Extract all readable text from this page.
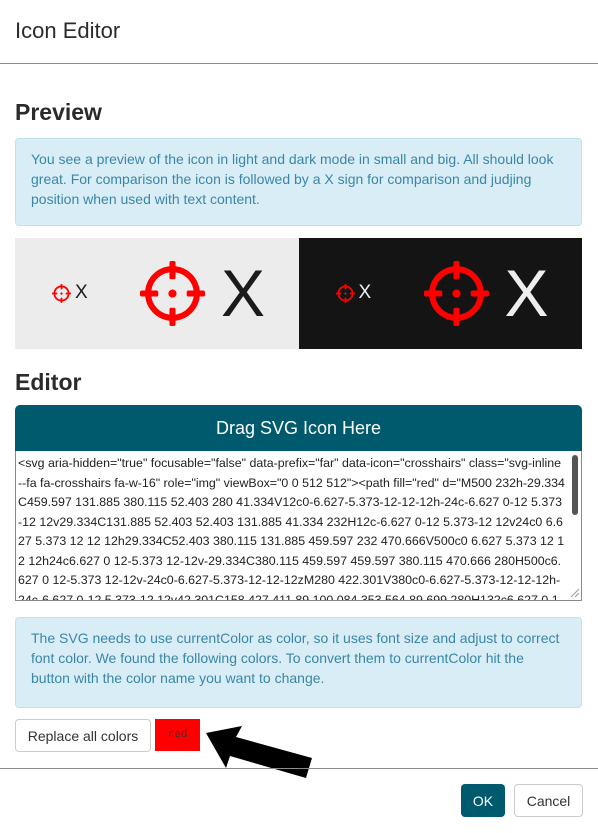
Icon Editor
Preview
You see a preview of the icon in light and dark mode in small and big. All should look great. For comparison the icon is followed by a X sign for comparison and judjing position when used with text content.
X X	X X
Editor
Drag SVG Icon Here
<svg aria-hidden="true" focusable="false" data-prefix="far" data-icon="crosshairs" class="svg-inline--fa fa-crosshairs fa-w-16" role="img" viewBox="0 0 512 512"><path fill="red" d="M500 232h-29.334C459.597 131.885 380.115 52.403 280 41.334V12c0-6.627-5.373-12-12-12h-24c-6.627 0-12 5.373-12 12v29.334C131.885 52.403 52.403 131.885 41.334 232H12c-6.627 0-12 5.373-12 12v24c0 6.627 5.373 12 12 12h29.334C52.403 380.115 131.885 459.597 232 470.666V500c0 6.627 5.373 12 12 12h24c6.627 0 12-5.373 12-12v-29.334C380.115 459.597 459.597 380.115 470.666 280H500c6.627 0 12-5.373 12-12v-24c0-6.627-5.373-12-12-12zM280 422.301V380c0-6.627-5.373-12-12-12h-24c-6.627 0-12 5.373-12 12v42.301C158.427 411.89 100.084 353.564 89.699 280H132c6.627 0 12-5.373 12-12v-24c0-6.627-5.373-12-12-12H89.699C100.11 158.427 158.436 100.084 232 89.699V132c0 6.627 5.373 12 12 12h24c6.627 0 12-5.373 12-12V89.699C353.573 100.11 411.916 158.436 422.301 232H380c-6.627 0-12 5.373-12 12v24c0 6.627 5.373 12 12 12h42.301C411.89 353.573 353.564 411.916 280 422.301zM288 256c0 17.673-14.327 32-32 32s-32-14.327-32-32c0-17.673 14.327-32 32-32s32 14.327 32 32z"></path></svg>
The SVG needs to use currentColor as color, so it uses font size and adjust to correct font color. We found the following colors. To convert them to currentColor hit the button with the color name you want to change.
Replace all colors	red
OK	Cancel
